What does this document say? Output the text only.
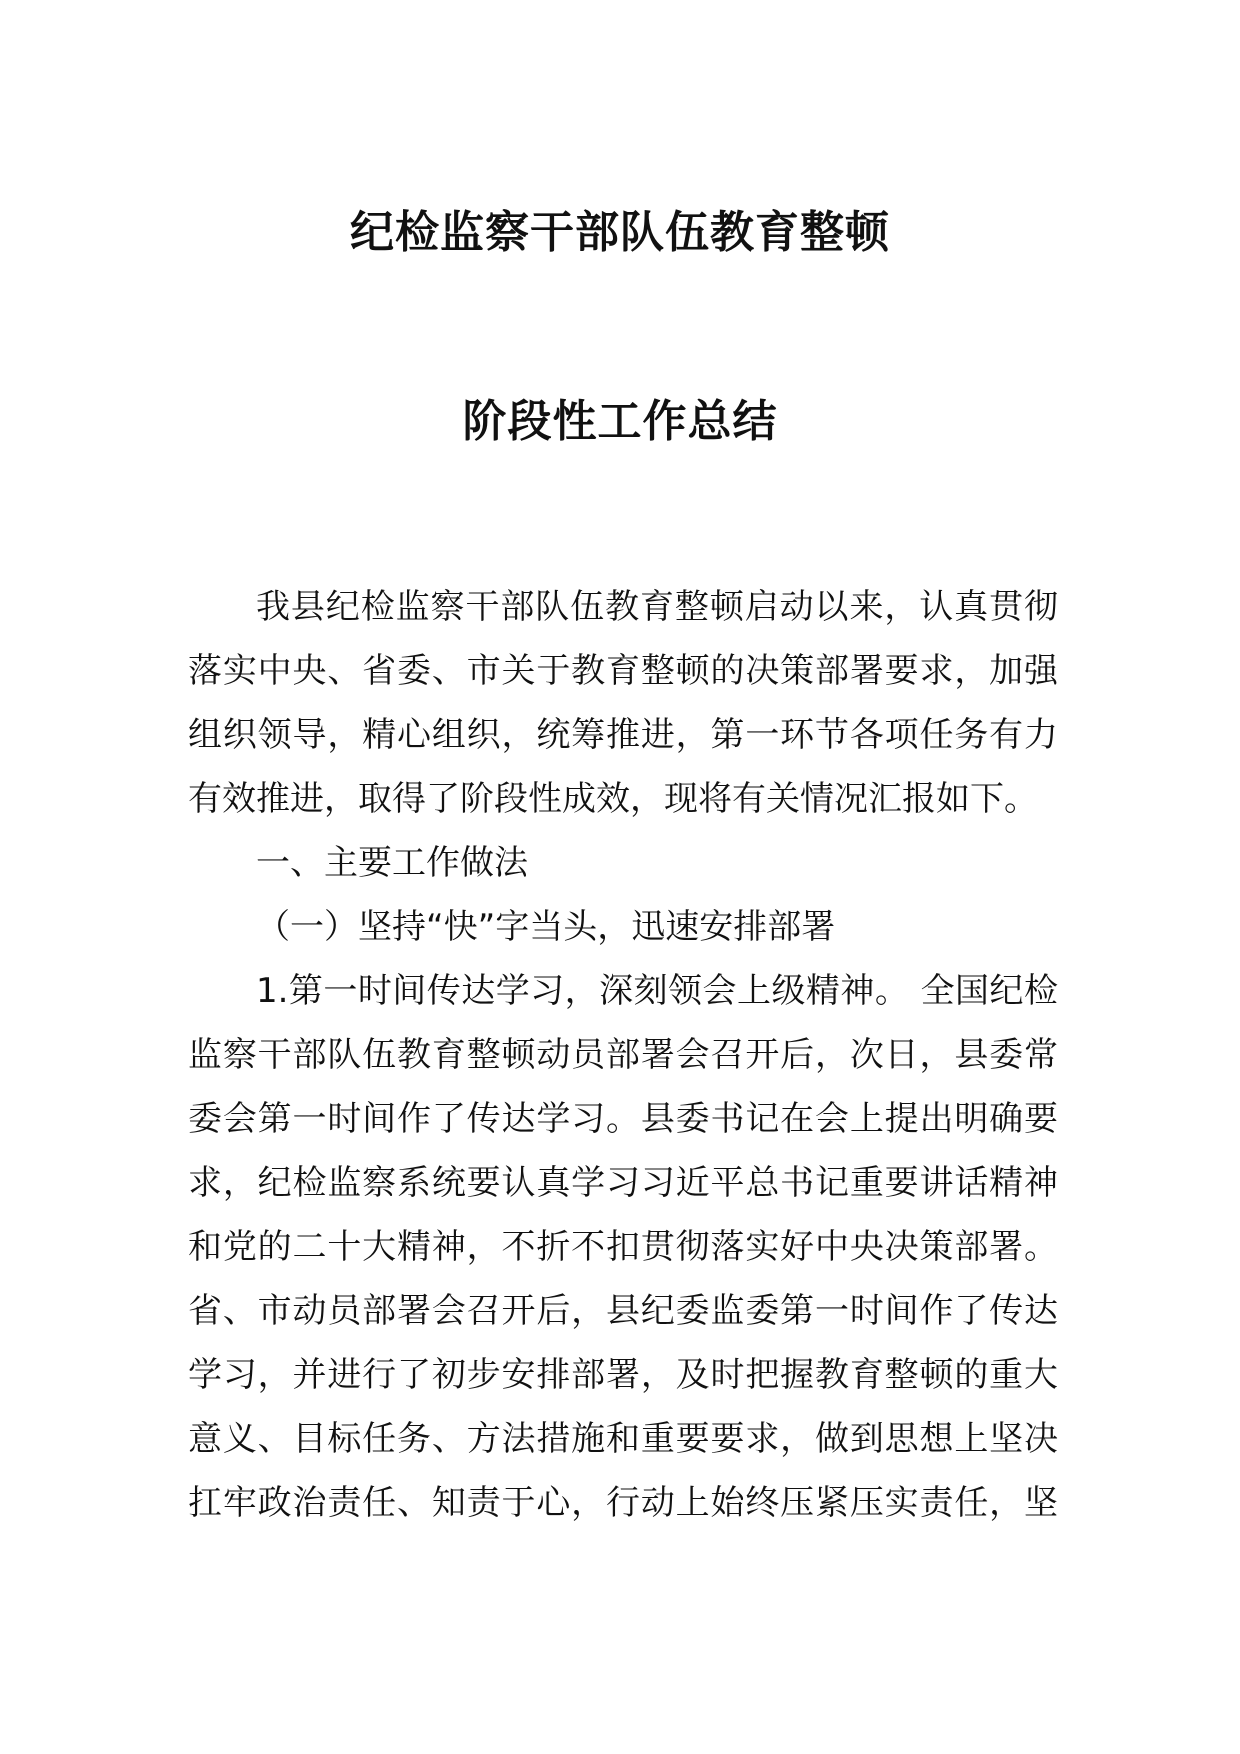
纪检监察干部队伍教育整顿
阶段性工作总结
我县纪检监察干部队伍教育整顿启动以来，认真贯彻
落实中央、省委、市关于教育整顿的决策部署要求，加强
组织领导，精心组织，统筹推进，第一环节各项任务有力
有效推进，取得了阶段性成效，现将有关情况汇报如下。
一、主要工作做法
（一）坚持“快”字当头，迅速安排部署
1.第一时间传达学习，深刻领会上级精神。 全国纪检
监察干部队伍教育整顿动员部署会召开后，次日，县委常
委会第一时间作了传达学习。县委书记在会上提出明确要
求，纪检监察系统要认真学习习近平总书记重要讲话精神
和党的二十大精神，不折不扣贯彻落实好中央决策部署。
省、市动员部署会召开后，县纪委监委第一时间作了传达
学习，并进行了初步安排部署，及时把握教育整顿的重大
意义、目标任务、方法措施和重要要求，做到思想上坚决
扛牢政治责任、知责于心，行动上始终压紧压实责任，坚
